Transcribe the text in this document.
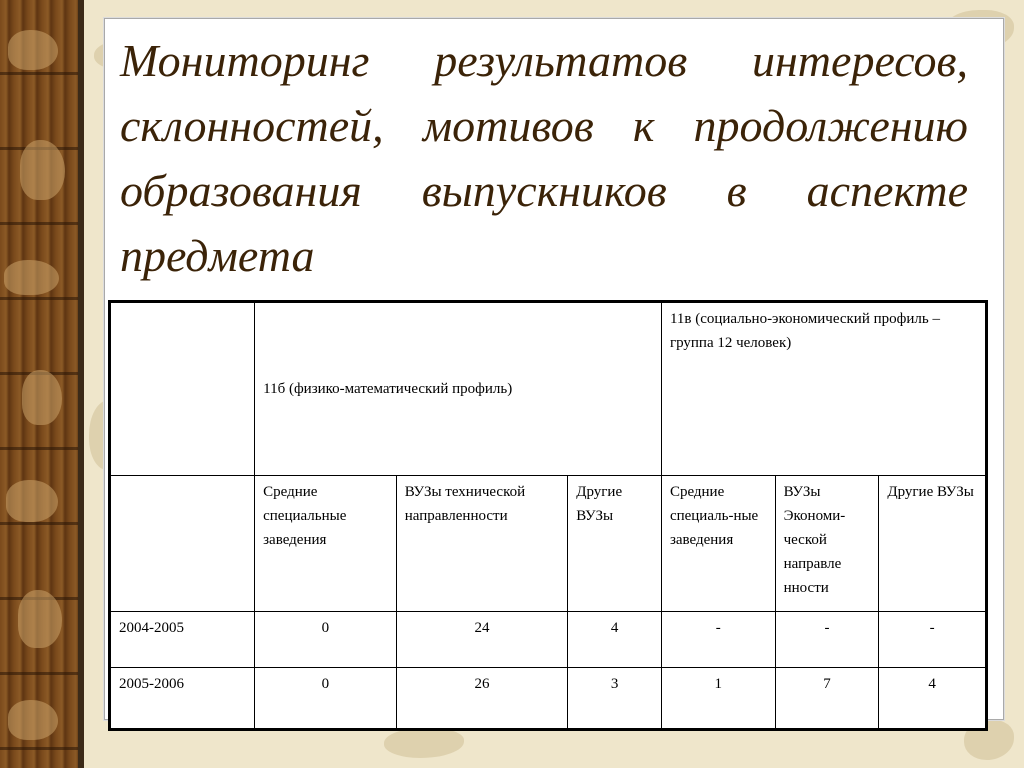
Мониторинг результатов интересов, склонностей, мотивов к продолжению образования выпускников в аспекте предмета
	11б (физико-математический профиль)			11в (социально-экономический профиль – группа 12 человек)		
	Средние специальные заведения	ВУЗы технической направленности	Другие ВУЗы	Средние специаль-ные заведения	ВУЗы Экономи-ческой направле нности	Другие ВУЗы
2004-2005	0	24	4	-	-	-
2005-2006	0	26	3	1	7	4
